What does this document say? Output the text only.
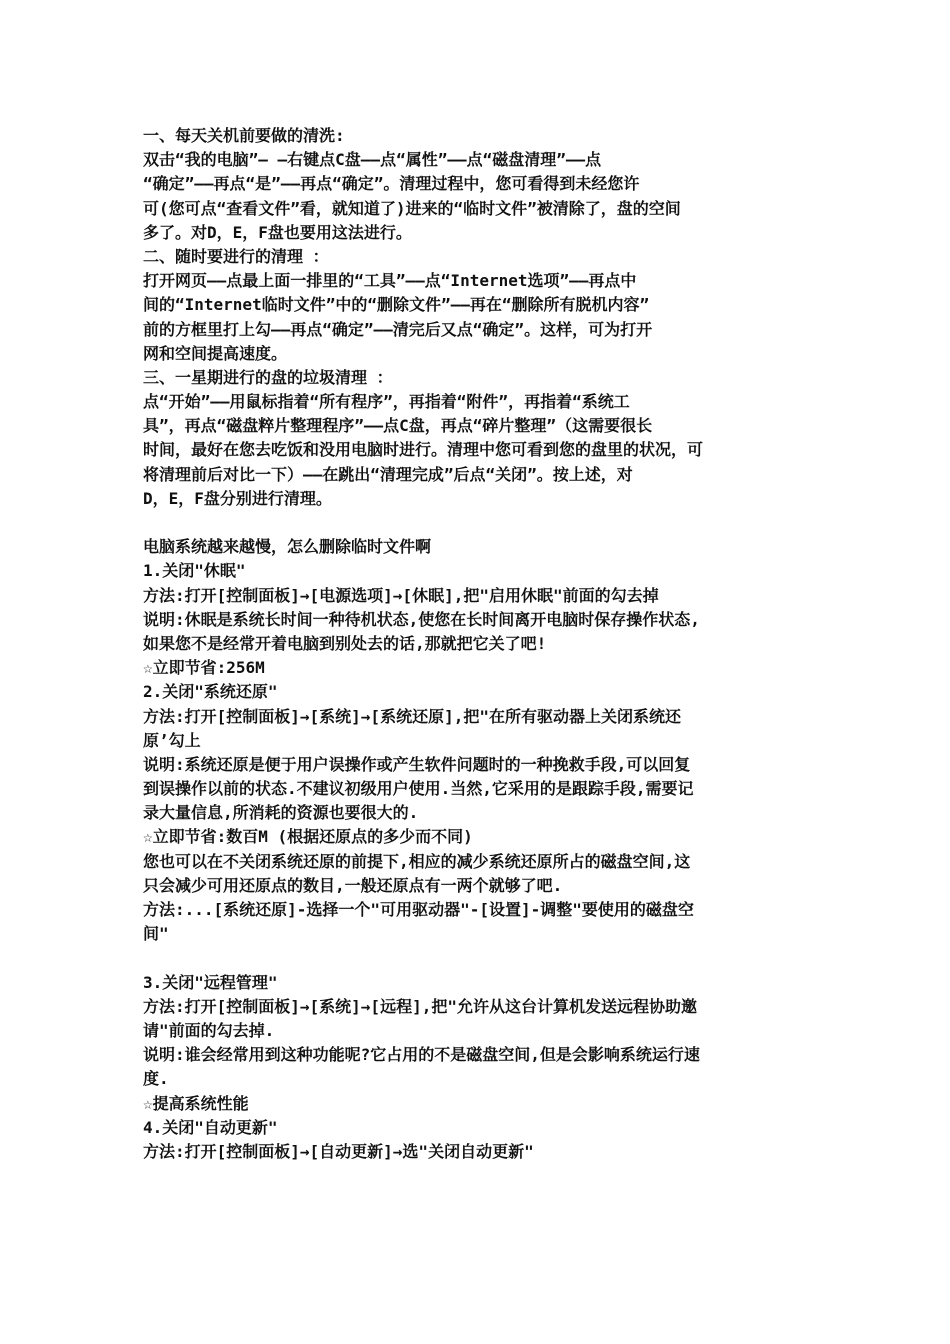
一、每天关机前要做的清洗:
双击“我的电脑”— —右键点C盘——点“属性”——点“磁盘清理”——点
“确定”——再点“是”——再点“确定”。清理过程中，您可看得到未经您许
可(您可点“查看文件”看，就知道了)进来的“临时文件”被清除了，盘的空间
多了。对D，E，F盘也要用这法进行。
二、随时要进行的清理 ：
打开网页——点最上面一排里的“工具”——点“Internet选项”——再点中
间的“Internet临时文件”中的“删除文件”——再在“删除所有脱机内容”
前的方框里打上勾——再点“确定”——清完后又点“确定”。这样，可为打开
网和空间提高速度。
三、一星期进行的盘的垃圾清理 ：
点“开始”——用鼠标指着“所有程序”，再指着“附件”，再指着“系统工
具”，再点“磁盘粹片整理程序”——点C盘，再点“碎片整理”（这需要很长
时间，最好在您去吃饭和没用电脑时进行。清理中您可看到您的盘里的状况，可
将清理前后对比一下）——在跳出“清理完成”后点“关闭”。按上述，对
D，E，F盘分别进行清理。
电脑系统越来越慢，怎么删除临时文件啊
1.关闭"休眠"
方法:打开[控制面板]→[电源选项]→[休眠],把"启用休眠"前面的勾去掉
说明:休眠是系统长时间一种待机状态,使您在长时间离开电脑时保存操作状态,
如果您不是经常开着电脑到别处去的话,那就把它关了吧!
☆立即节省:256M
2.关闭"系统还原"
方法:打开[控制面板]→[系统]→[系统还原],把"在所有驱动器上关闭系统还
原’勾上
说明:系统还原是便于用户误操作或产生软件问题时的一种挽救手段,可以回复
到误操作以前的状态.不建议初级用户使用.当然,它采用的是跟踪手段,需要记
录大量信息,所消耗的资源也要很大的.
☆立即节省:数百M (根据还原点的多少而不同)
您也可以在不关闭系统还原的前提下,相应的减少系统还原所占的磁盘空间,这
只会减少可用还原点的数目,一般还原点有一两个就够了吧.
方法:...[系统还原]-选择一个"可用驱动器"-[设置]-调整"要使用的磁盘空
间"
3.关闭"远程管理"
方法:打开[控制面板]→[系统]→[远程],把"允许从这台计算机发送远程协助邀
请"前面的勾去掉.
说明:谁会经常用到这种功能呢?它占用的不是磁盘空间,但是会影响系统运行速
度.
☆提高系统性能
4.关闭"自动更新"
方法:打开[控制面板]→[自动更新]→选"关闭自动更新"
